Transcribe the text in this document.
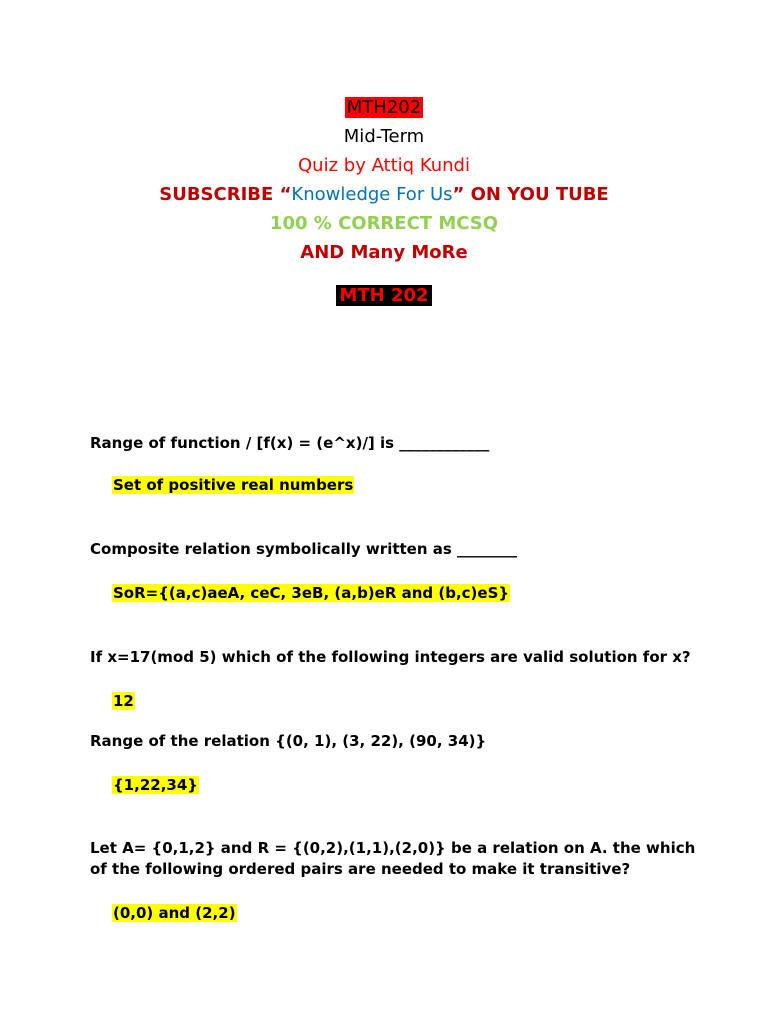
MTH202
Mid-Term
Quiz by Attiq Kundi
SUBSCRIBE “Knowledge For Us” ON YOU TUBE
100 % CORRECT MCSQ
AND Many MoRe
MTH 202
Range of function / [f(x) = (e^x)/] is ____________
Set of positive real numbers
Composite relation symbolically written as ________
SoR={(a,c)aeA, ceC, 3eB, (a,b)eR and (b,c)eS}
If x=17(mod 5) which of the following integers are valid solution for x?
12
Range of the relation {(0, 1), (3, 22), (90, 34)}
{1,22,34}
Let A= {0,1,2} and R = {(0,2),(1,1),(2,0)} be a relation on A. the which of the following ordered pairs are needed to make it transitive?
(0,0) and (2,2)
